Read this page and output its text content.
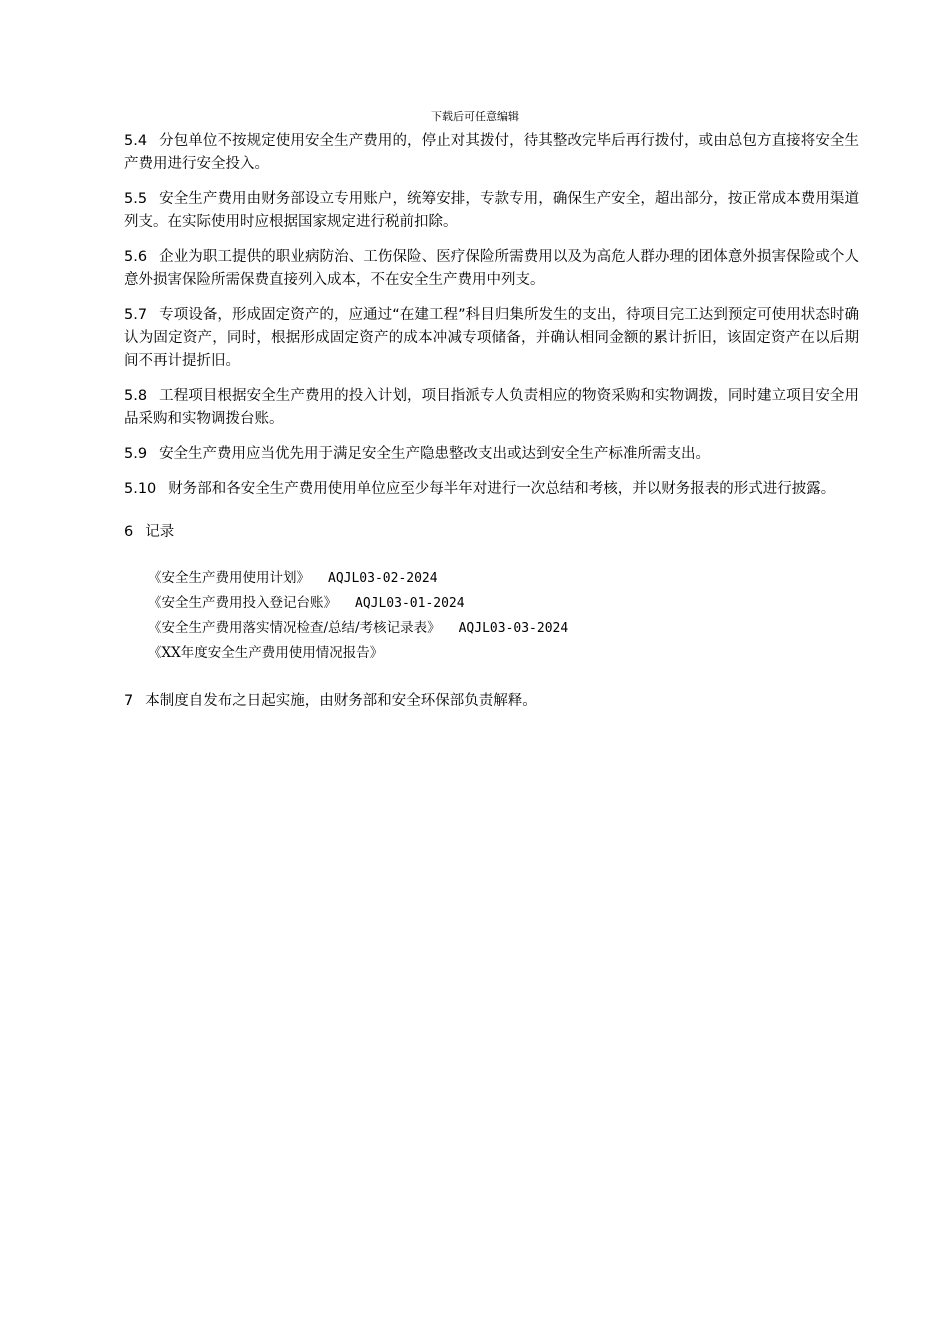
下载后可任意编辑

5.4 分包单位不按规定使用安全生产费用的，停止对其拨付，待其整改完毕后再行拨付，或由总包方直接将安全生产费用进行安全投入。

5.5 安全生产费用由财务部设立专用账户，统筹安排，专款专用，确保生产安全，超出部分，按正常成本费用渠道列支。在实际使用时应根据国家规定进行税前扣除。

5.6 企业为职工提供的职业病防治、工伤保险、医疗保险所需费用以及为高危人群办理的团体意外损害保险或个人意外损害保险所需保费直接列入成本，不在安全生产费用中列支。

5.7 专项设备，形成固定资产的，应通过“在建工程”科目归集所发生的支出，待项目完工达到预定可使用状态时确认为固定资产，同时，根据形成固定资产的成本冲减专项储备，并确认相同金额的累计折旧，该固定资产在以后期间不再计提折旧。

5.8 工程项目根据安全生产费用的投入计划，项目指派专人负责相应的物资采购和实物调拨，同时建立项目安全用品采购和实物调拨台账。

5.9 安全生产费用应当优先用于满足安全生产隐患整改支出或达到安全生产标准所需支出。

5.10 财务部和各安全生产费用使用单位应至少每半年对进行一次总结和考核，并以财务报表的形式进行披露。

6 记录
《安全生产费用使用计划》 AQJL03-02-2024
《安全生产费用投入登记台账》 AQJL03-01-2024
《安全生产费用落实情况检查/总结/考核记录表》 AQJL03-03-2024
《XX年度安全生产费用使用情况报告》
7 本制度自发布之日起实施，由财务部和安全环保部负责解释。
